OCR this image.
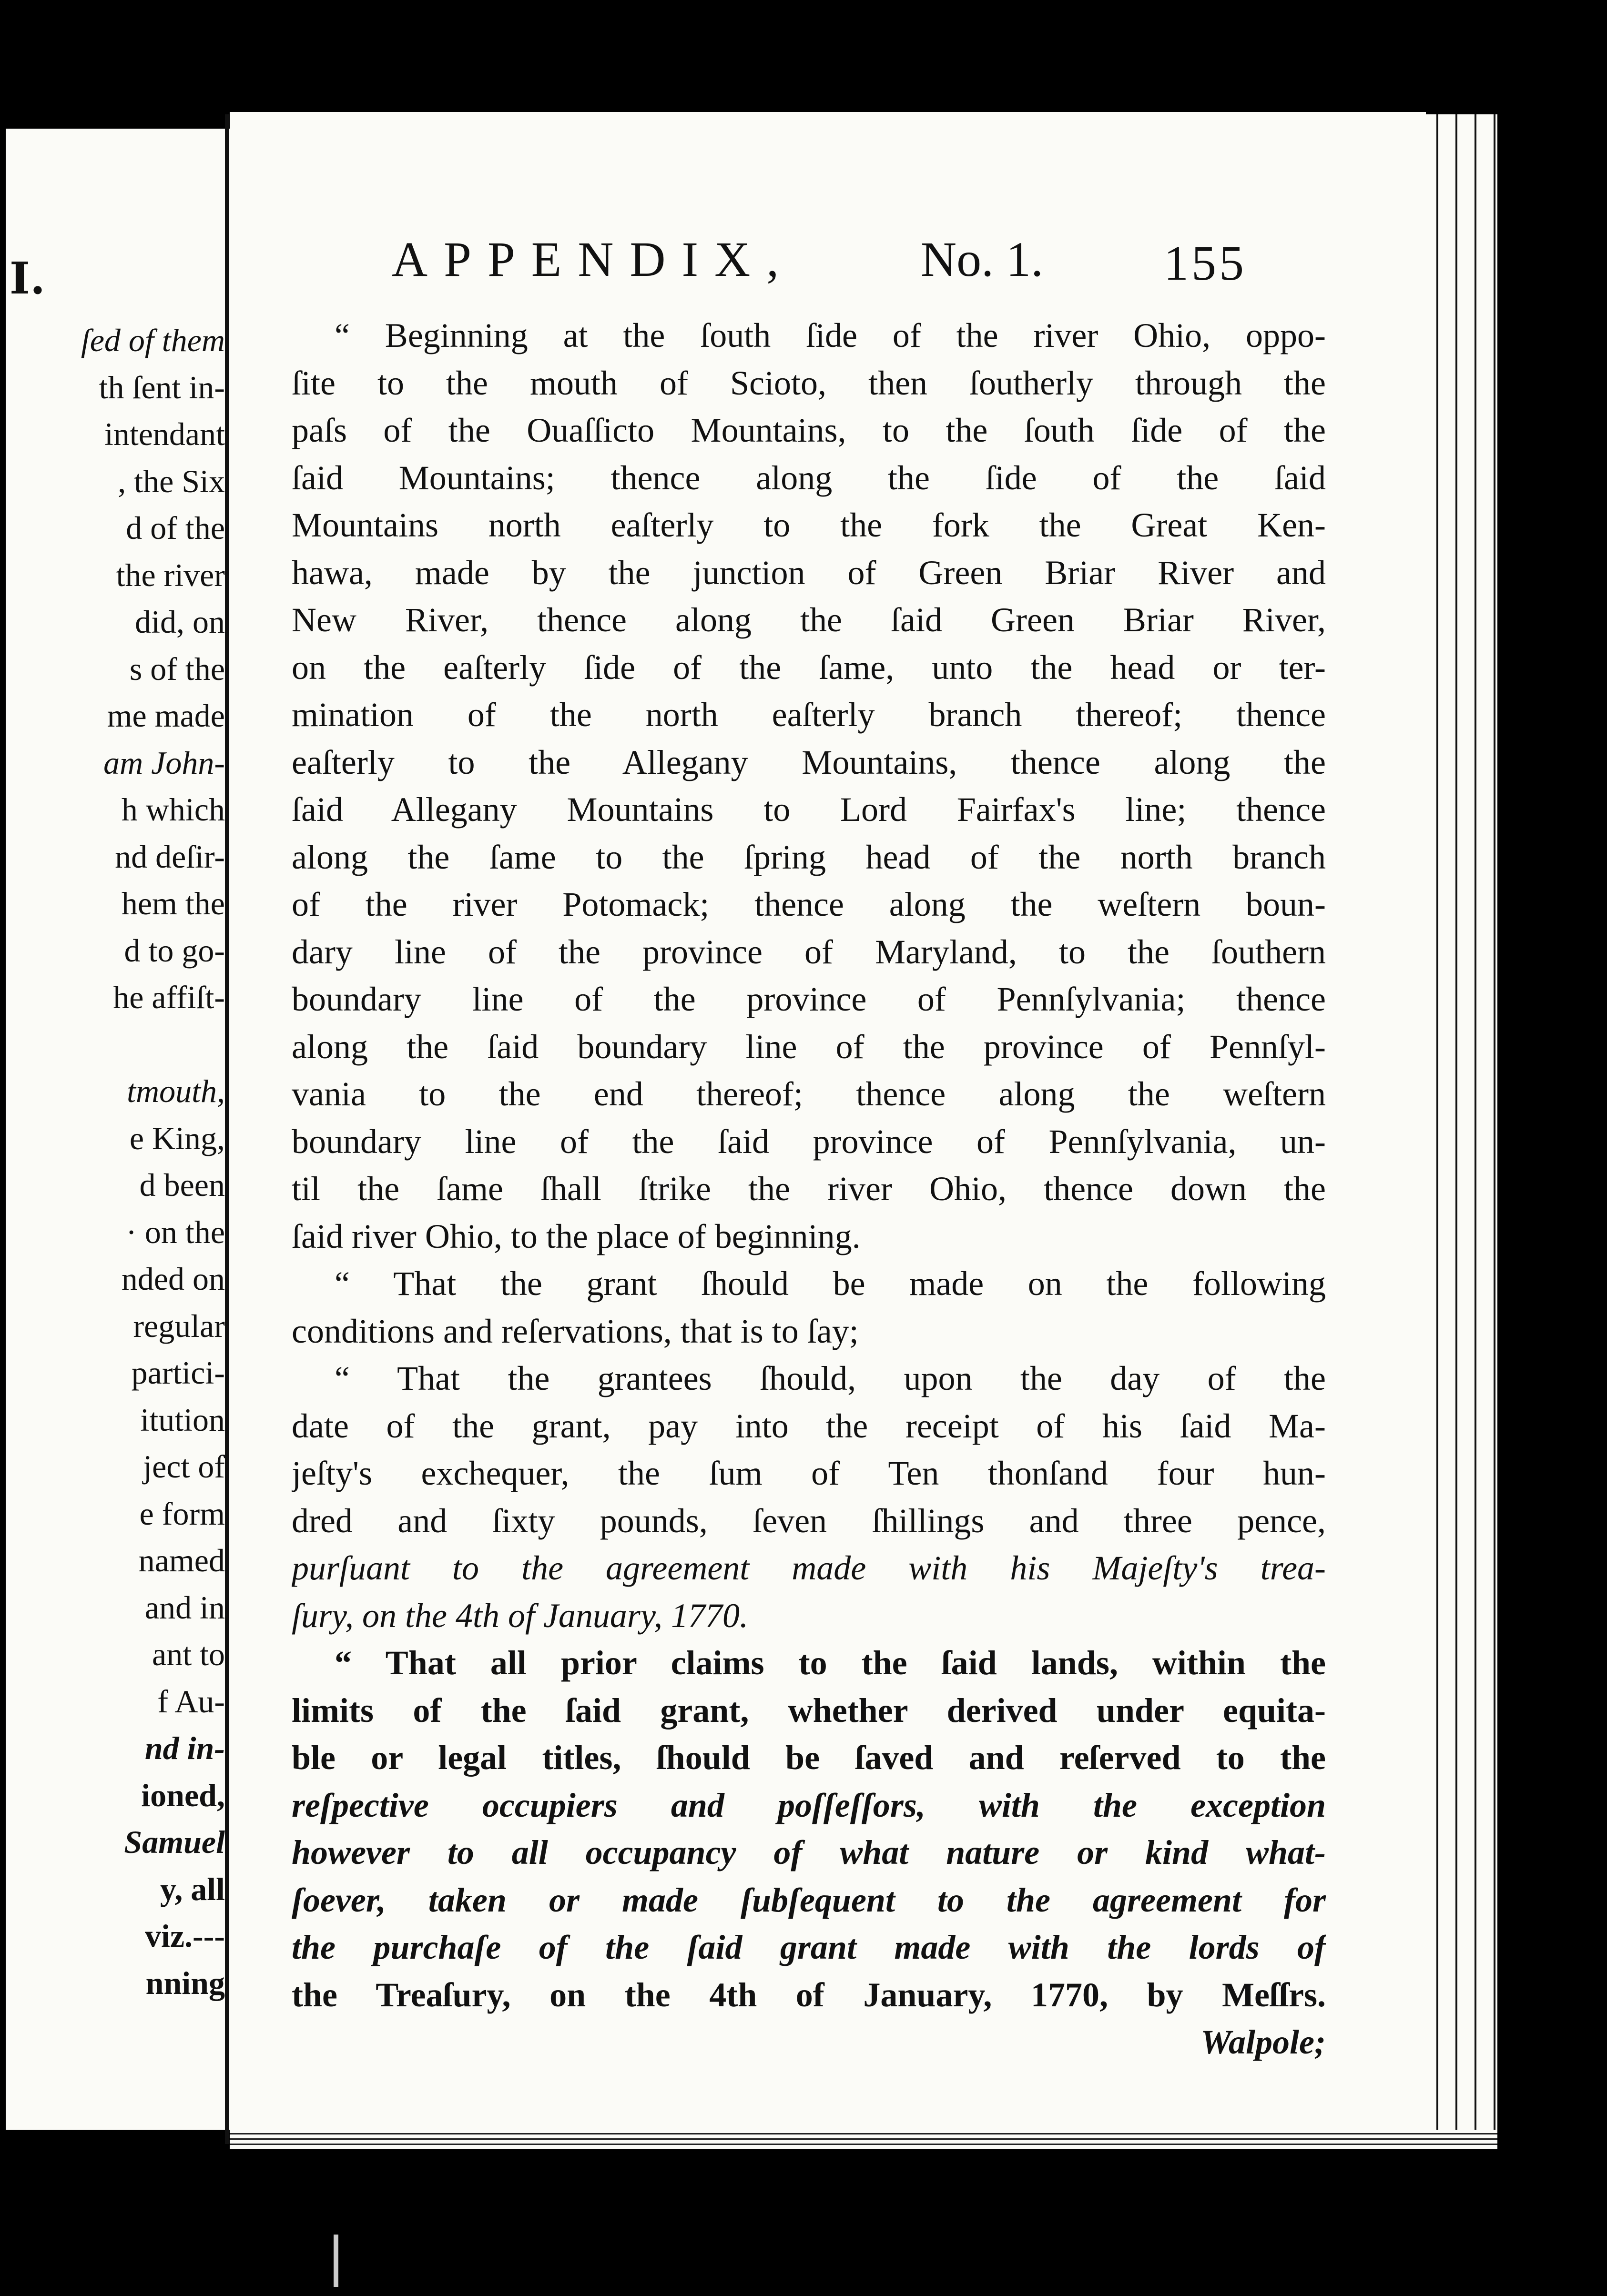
I.
ſed of them
th ſent in-
intendant
, the Six
d of the
the river
did, on
s of the
me made
am John-
h which
nd deſir-
hem the
d to go-
he affiſt-
tmouth,
e King,
d been
· on the
nded on
regular
partici-
itution
ject of
e form
named
and in
ant to
f Au-
nd in-
ioned,
Samuel
y, all
viz.---
nning
APPENDIX,	No. 1. 155
“ Beginning at the ſouth ſide of the river Ohio, oppo-
ſite to the mouth of Scioto, then ſoutherly through the
paſs of the Ouaſſicto Mountains, to the ſouth ſide of the
ſaid Mountains; thence along the ſide of the ſaid
Mountains north eaſterly to the fork the Great Ken-
hawa, made by the junction of Green Briar River and
New River, thence along the ſaid Green Briar River,
on the eaſterly ſide of the ſame, unto the head or ter-
mination of the north eaſterly branch thereof; thence
eaſterly to the Allegany Mountains, thence along the
ſaid Allegany Mountains to Lord Fairfax's line; thence
along the ſame to the ſpring head of the north branch
of the river Potomack; thence along the weſtern boun-
dary line of the province of Maryland, to the ſouthern
boundary line of the province of Pennſylvania; thence
along the ſaid boundary line of the province of Pennſyl-
vania to the end thereof; thence along the weſtern
boundary line of the ſaid province of Pennſylvania, un-
til the ſame ſhall ſtrike the river Ohio, thence down the
ſaid river Ohio, to the place of beginning.
“ That the grant ſhould be made on the following
conditions and reſervations, that is to ſay;
“ That the grantees ſhould, upon the day of the
date of the grant, pay into the receipt of his ſaid Ma-
jeſty's exchequer, the ſum of Ten thonſand four hun-
dred and ſixty pounds, ſeven ſhillings and three pence,
purſuant to the agreement made with his Majeſty's trea-
ſury, on the 4th of January, 1770.
“ That all prior claims to the ſaid lands, within the
limits of the ſaid grant, whether derived under equita-
ble or legal titles, ſhould be ſaved and reſerved to the
reſpective occupiers and poſſeſſors, with the exception
however to all occupancy of what nature or kind what-
ſoever, taken or made ſubſequent to the agreement for
the purchaſe of the ſaid grant made with the lords of
the Treaſury, on the 4th of January, 1770, by Meſſrs.
Walpole;
